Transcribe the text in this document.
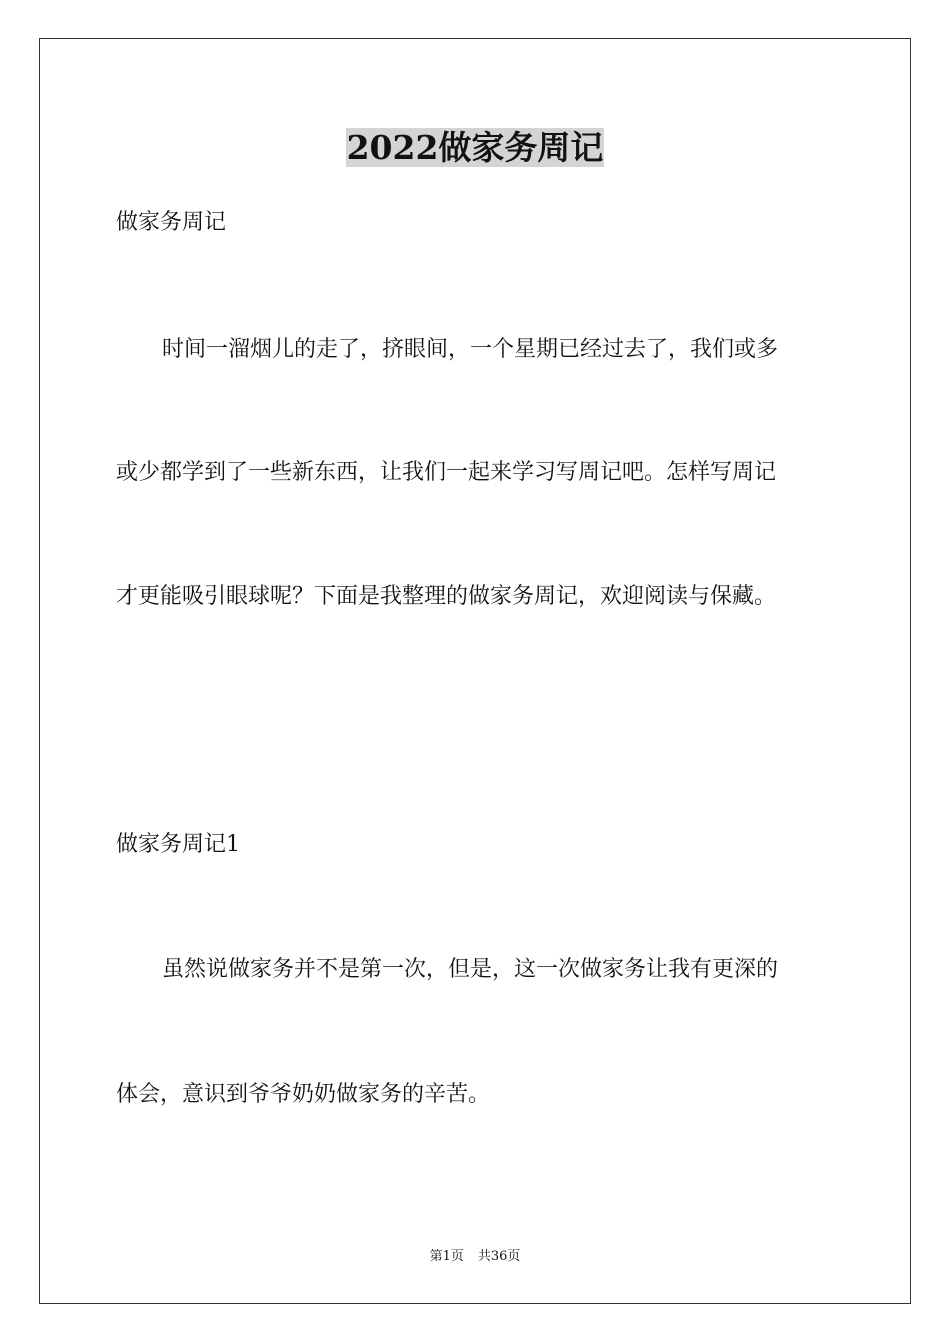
2022做家务周记
做家务周记
时间一溜烟儿的走了，挤眼间，一个星期已经过去了，我们或多
或少都学到了一些新东西，让我们一起来学习写周记吧。怎样写周记
才更能吸引眼球呢？下面是我整理的做家务周记，欢迎阅读与保藏。
做家务周记1
虽然说做家务并不是第一次，但是，这一次做家务让我有更深的
体会，意识到爷爷奶奶做家务的辛苦。
第1页 共36页
